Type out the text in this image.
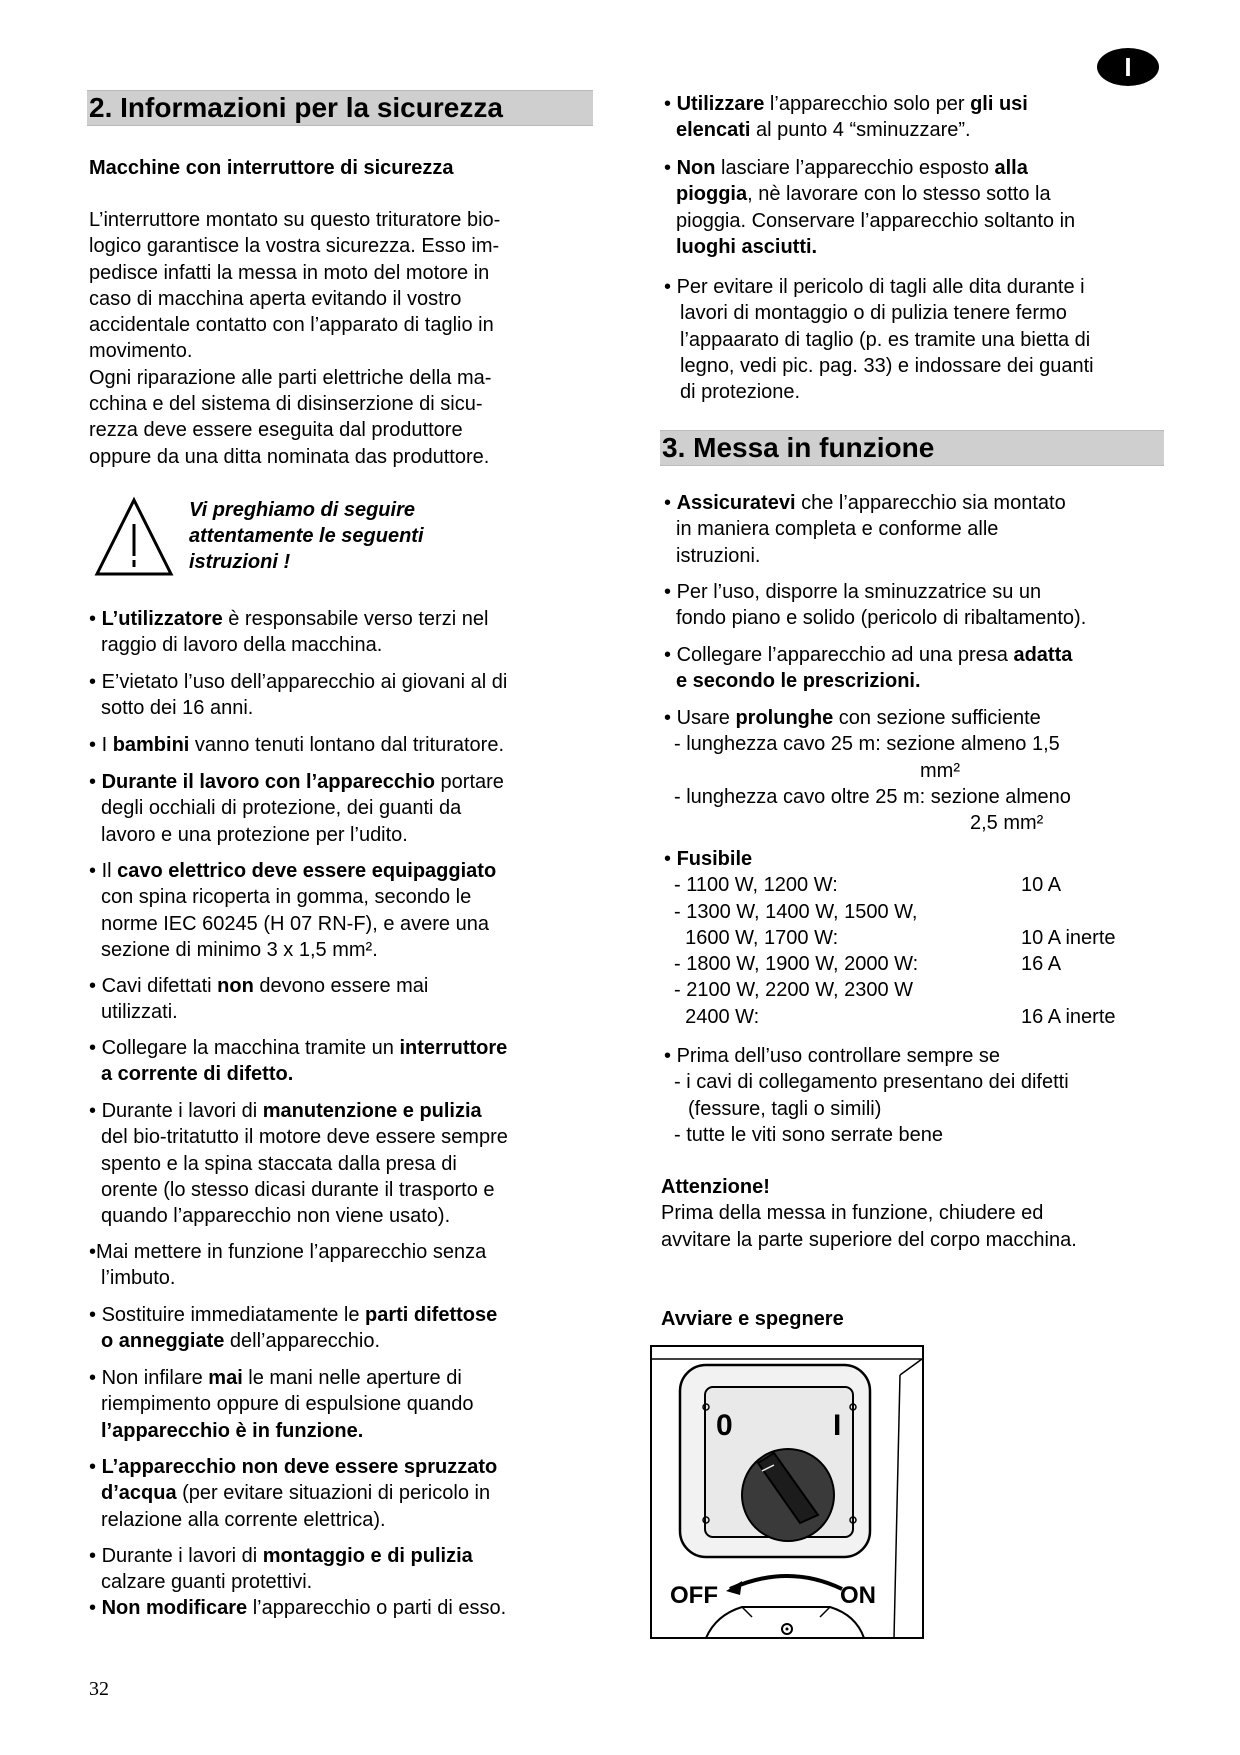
I
2. Informazioni per la sicurezza
Macchine con interruttore di sicurezza
L’interruttore montato su questo trituratore bio-
logico garantisce la vostra sicurezza. Esso im-
pedisce infatti la messa in moto del motore in
caso di macchina aperta evitando il vostro
accidentale contatto con l’apparato di taglio in
movimento.
Ogni riparazione alle parti elettriche della ma-
cchina e del sistema di disinserzione di sicu-
rezza deve essere eseguita dal produttore
oppure da una ditta nominata das produttore.
Vi preghiamo di seguire
attentamente le seguenti
istruzioni !
• L’utilizzatore è responsabile verso terzi nel
raggio di lavoro della macchina.
• E’vietato l’uso dell’apparecchio ai giovani al di
sotto dei 16 anni.
• I bambini vanno tenuti lontano dal trituratore.
• Durante il lavoro con l’apparecchio portare
degli occhiali di protezione, dei guanti da
lavoro e una protezione per l’udito.
• Il cavo elettrico deve essere equipaggiato
con spina ricoperta in gomma, secondo le
norme IEC 60245 (H 07 RN-F), e avere una
sezione di minimo 3 x 1,5 mm².
• Cavi difettati non devono essere mai
utilizzati.
• Collegare la macchina tramite un interruttore
a corrente di difetto.
• Durante i lavori di manutenzione e pulizia
del bio-tritatutto il motore deve essere sempre
spento e la spina staccata dalla presa di
orente (lo stesso dicasi durante il trasporto e
quando l’apparecchio non viene usato).
•Mai mettere in funzione l’apparecchio senza
l’imbuto.
• Sostituire immediatamente le parti difettose
o anneggiate dell’apparecchio.
• Non infilare mai le mani nelle aperture di
riempimento oppure di espulsione quando
l’apparecchio è in funzione.
• L’apparecchio non deve essere spruzzato
d’acqua (per evitare situazioni di pericolo in
relazione alla corrente elettrica).
• Durante i lavori di montaggio e di pulizia
calzare guanti protettivi.
• Non modificare l’apparecchio o parti di esso.
32
• Utilizzare l’apparecchio solo per gli usi
elencati al punto 4 “sminuzzare”.
• Non lasciare l’apparecchio esposto alla
pioggia, nè lavorare con lo stesso sotto la
pioggia. Conservare l’apparecchio soltanto in
luoghi asciutti.
• Per evitare il pericolo di tagli alle dita durante i
lavori di montaggio o di pulizia tenere fermo
l’appaarato di taglio (p. es tramite una bietta di
legno, vedi pic. pag. 33) e indossare dei guanti
di protezione.
3. Messa in funzione
• Assicuratevi che l’apparecchio sia montato
in maniera completa e conforme alle
istruzioni.
• Per l’uso, disporre la sminuzzatrice su un
fondo piano e solido (pericolo di ribaltamento).
• Collegare l’apparecchio ad una presa adatta
e secondo le prescrizioni.
• Usare prolunghe con sezione sufficiente
- lunghezza cavo 25 m: sezione almeno 1,5
mm²
- lunghezza cavo oltre 25 m: sezione almeno
2,5 mm²
• Fusibile
- 1100 W, 1200 W:	10 A
- 1300 W, 1400 W, 1500 W,
1600 W, 1700 W:	10 A inerte
- 1800 W, 1900 W, 2000 W:	16 A
- 2100 W, 2200 W, 2300 W
2400 W:	16 A inerte
• Prima dell’uso controllare sempre se
- i cavi di collegamento presentano dei difetti
(fessure, tagli o simili)
- tutte le viti sono serrate bene
Attenzione!
Prima della messa in funzione, chiudere ed
avvitare la parte superiore del corpo macchina.
Avviare e spegnere
0	I
OFF	ON
